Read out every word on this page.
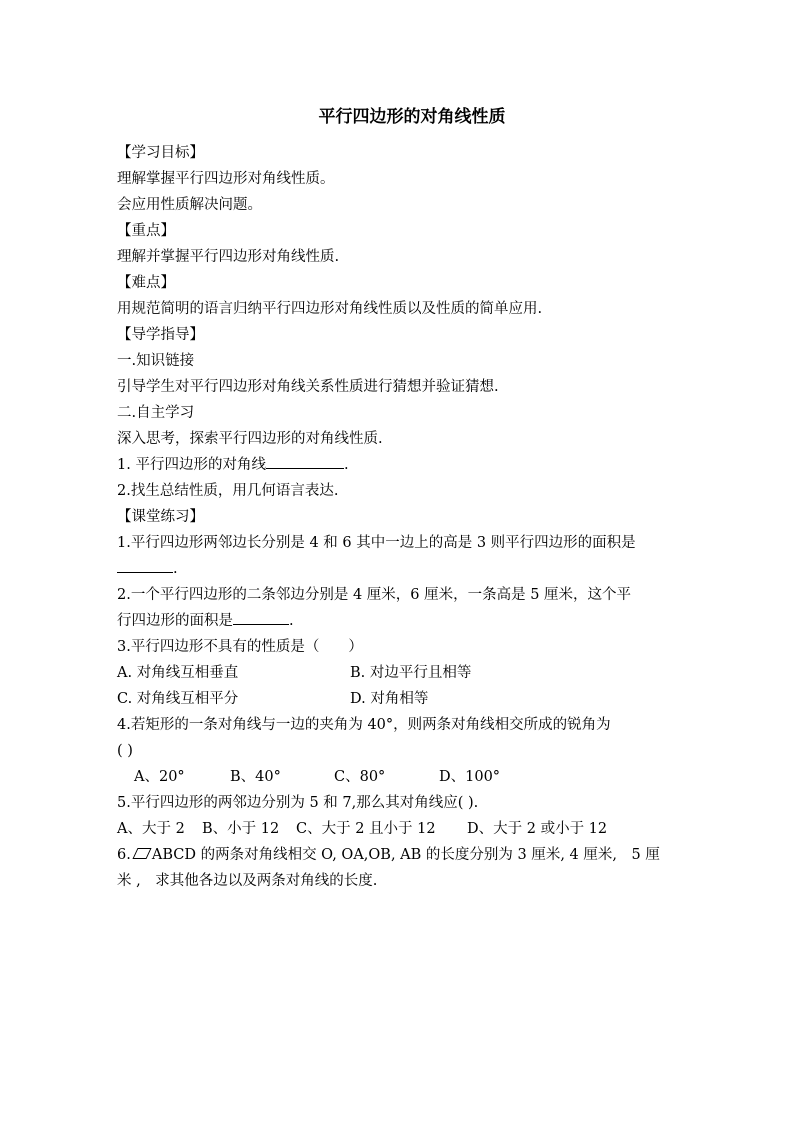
平行四边形的对角线性质
【学习目标】
理解掌握平行四边形对角线性质。
会应用性质解决问题。
【重点】
理解并掌握平行四边形对角线性质.
【难点】
用规范简明的语言归纳平行四边形对角线性质以及性质的简单应用.
【导学指导】
一.知识链接
引导学生对平行四边形对角线关系性质进行猜想并验证猜想.
二.自主学习
深入思考，探索平行四边形的对角线性质.
1. 平行四边形的对角线	.
2.找生总结性质，用几何语言表达.
【课堂练习】
1.平行四边形两邻边长分别是 4 和 6 其中一边上的高是 3 则平行四边形的面积是
.
2.一个平行四边形的二条邻边分别是 4 厘米，6 厘米，一条高是 5 厘米，这个平
行四边形的面积是	.
3.平行四边形不具有的性质是（　　）
A. 对角线互相垂直	B. 对边平行且相等
C. 对角线互相平分	D. 对角相等
4.若矩形的一条对角线与一边的夹角为 40°，则两条对角线相交所成的锐角为
( )
A、20°	B、40°	C、80°	D、100°
5.平行四边形的两邻边分别为 5 和 7,那么其对角线应( ).
A、大于 2 B、小于 12 C、大于 2 且小于 12 D、大于 2 或小于 12
6. ABCD 的两条对角线相交 O, OA,OB, AB 的长度分别为 3 厘米, 4 厘米,　5 厘
米 ,　求其他各边以及两条对角线的长度.
